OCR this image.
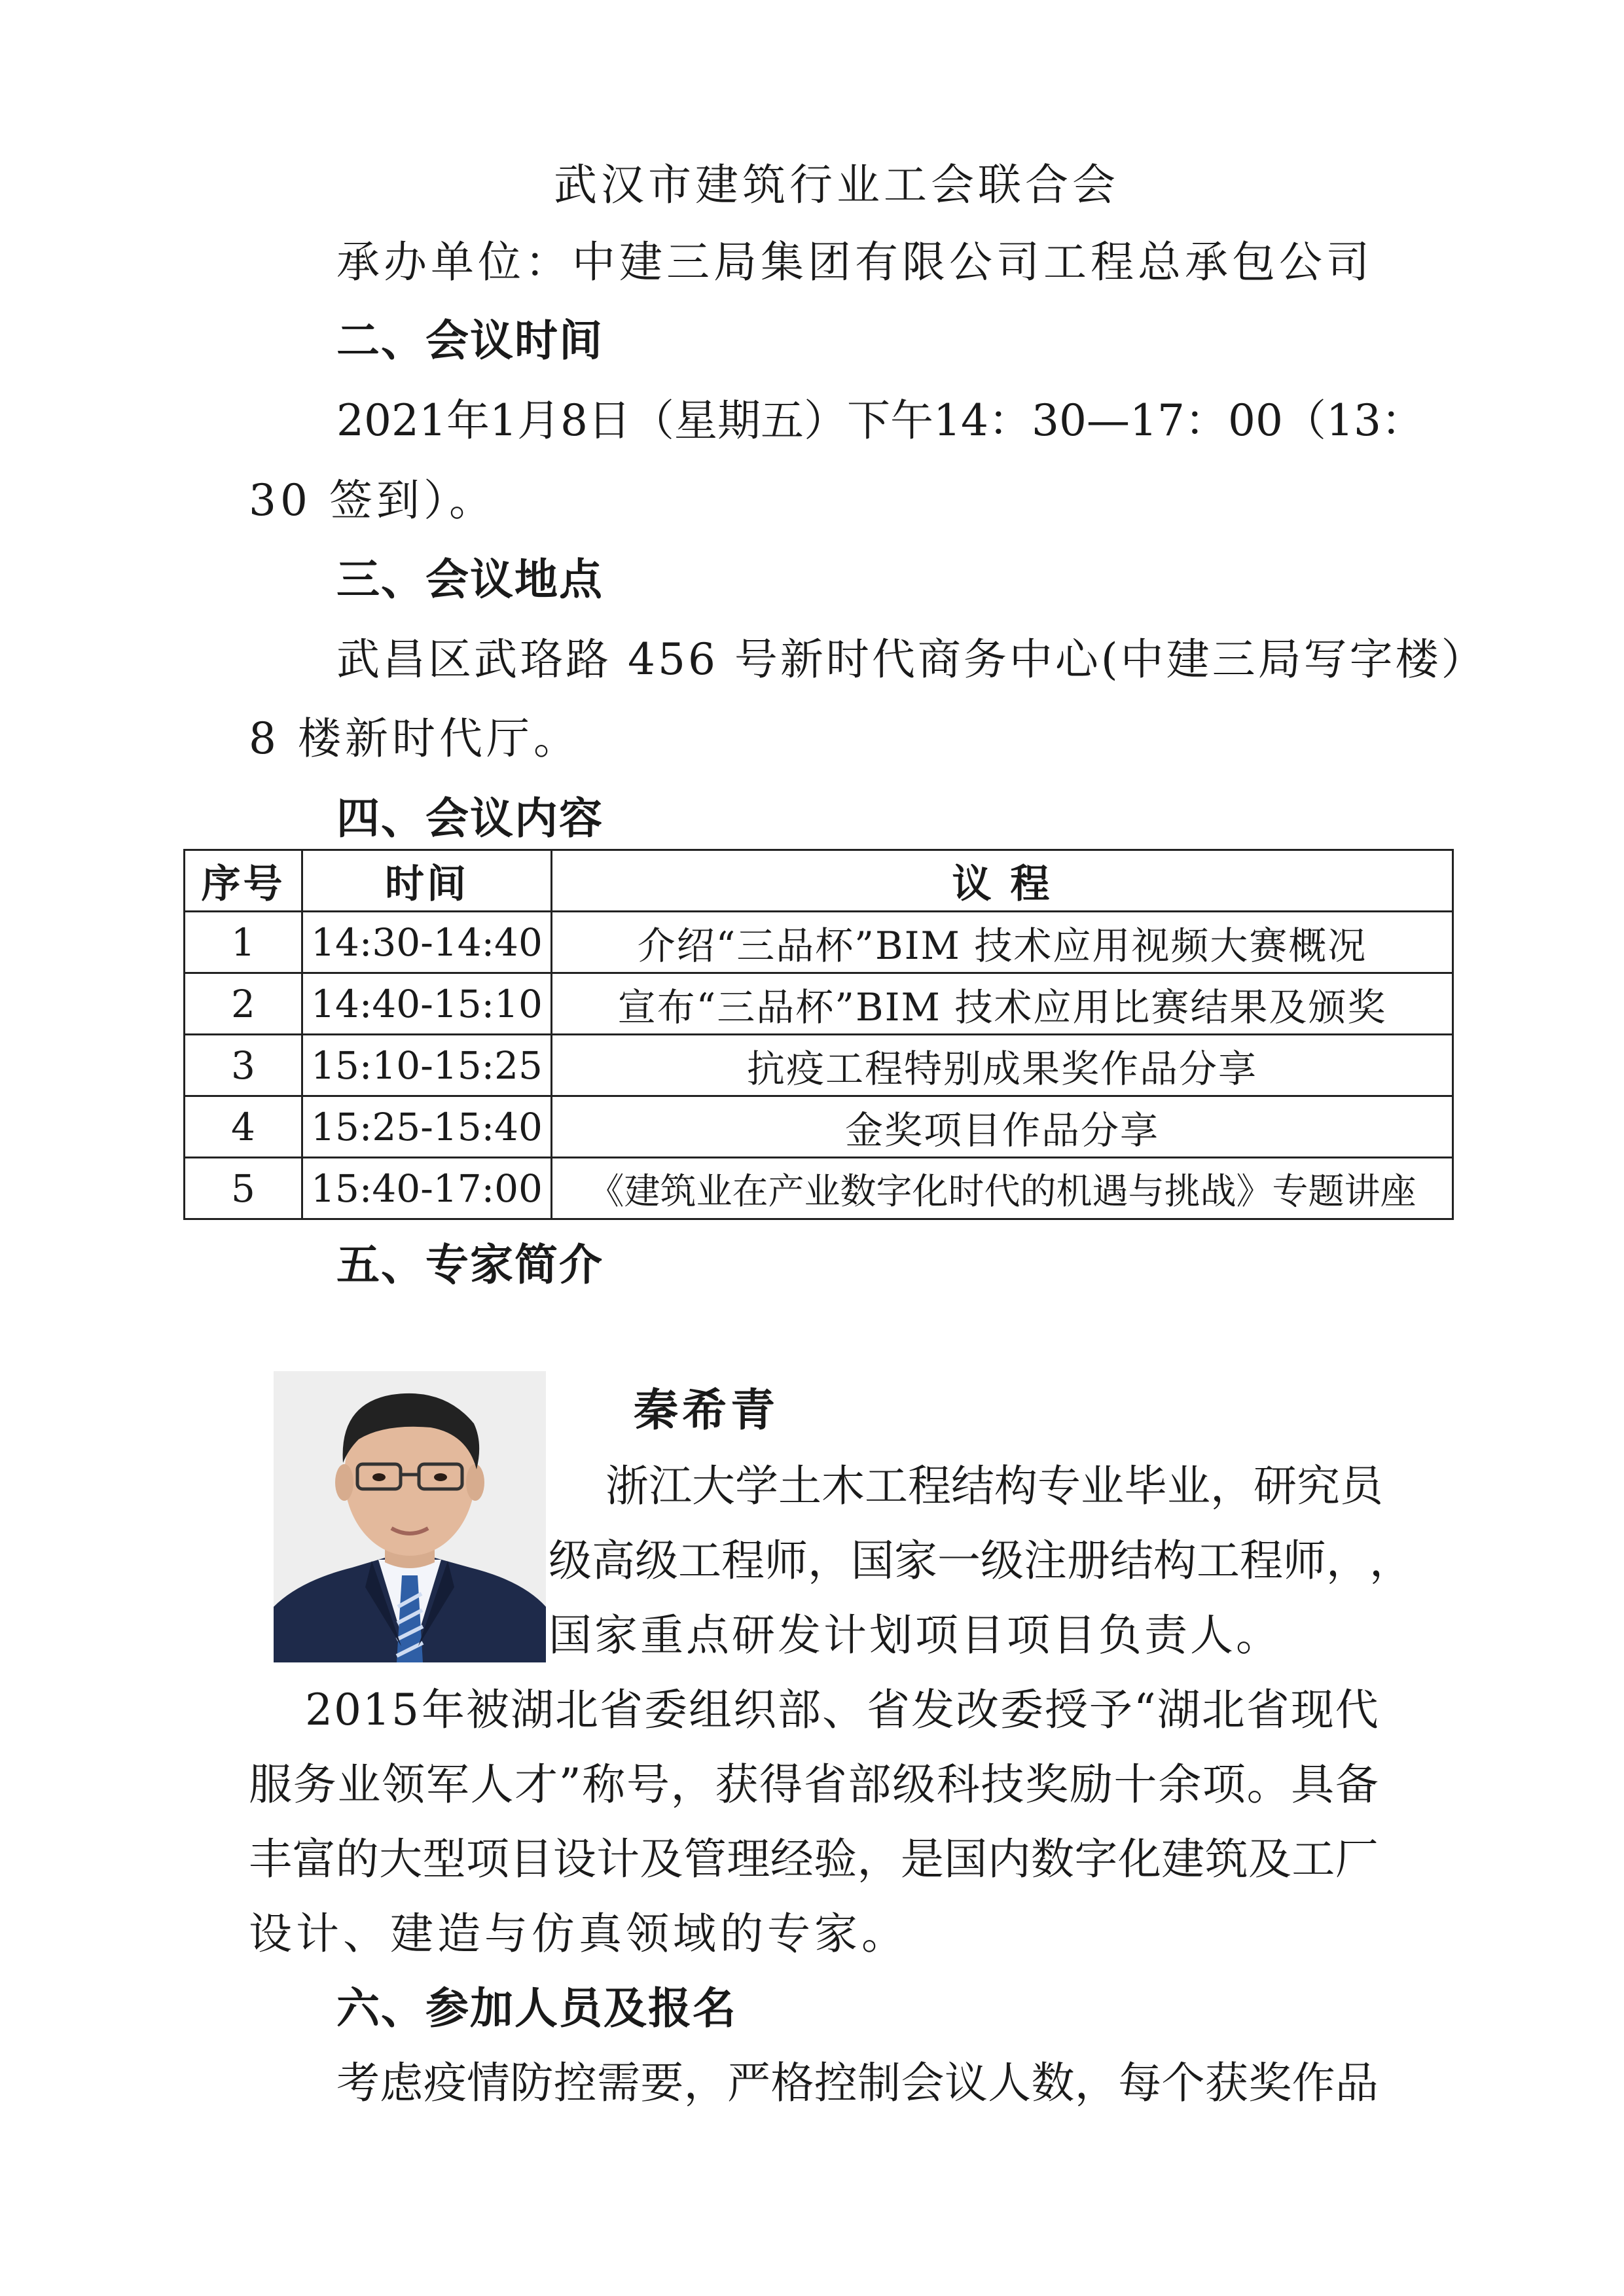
武汉市建筑行业工会联合会
承办单位：中建三局集团有限公司工程总承包公司
二、会议时间
2 0 2 1 年 1 月 8 日 （ 星 期 五 ） 下 午 1 4 ： 3 0 — 1 7 ： 0 0 （ 1 3 ：
30 签到）。
三、会议地点
武昌区武珞路 456 号新时代商务中心(中建三局写字楼）
8 楼新时代厅。
四、会议内容
序号	时间	议 程
1	14:30-14:40	介绍“三品杯”BIM 技术应用视频大赛概况
2	14:40-15:10	宣布“三品杯”BIM 技术应用比赛结果及颁奖
3	15:10-15:25	抗疫工程特别成果奖作品分享
4	15:25-15:40	金奖项目作品分享
5	15:40-17:00	《建筑业在产业数字化时代的机遇与挑战》专题讲座
五、专家简介
秦希青
浙 江 大 学 土 木 工 程 结 构 专 业 毕 业 ， 研 究 员
级 高 级 工 程 师 ， 国 家 一 级 注 册 结 构 工 程 师 ， ，
国家重点研发计划项目项目负责人。
2 0 1 5 年 被 湖 北 省 委 组 织 部 、 省 发 改 委 授 予 “ 湖 北 省 现 代
服 务 业 领 军 人 才 ” 称 号 ， 获 得 省 部 级 科 技 奖 励 十 余 项 。 具 备
丰 富 的 大 型 项 目 设 计 及 管 理 经 验 ， 是 国 内 数 字 化 建 筑 及 工 厂
设计、建造与仿真领域的专家。
六、参加人员及报名
考 虑 疫 情 防 控 需 要 ， 严 格 控 制 会 议 人 数 ， 每 个 获 奖 作 品
